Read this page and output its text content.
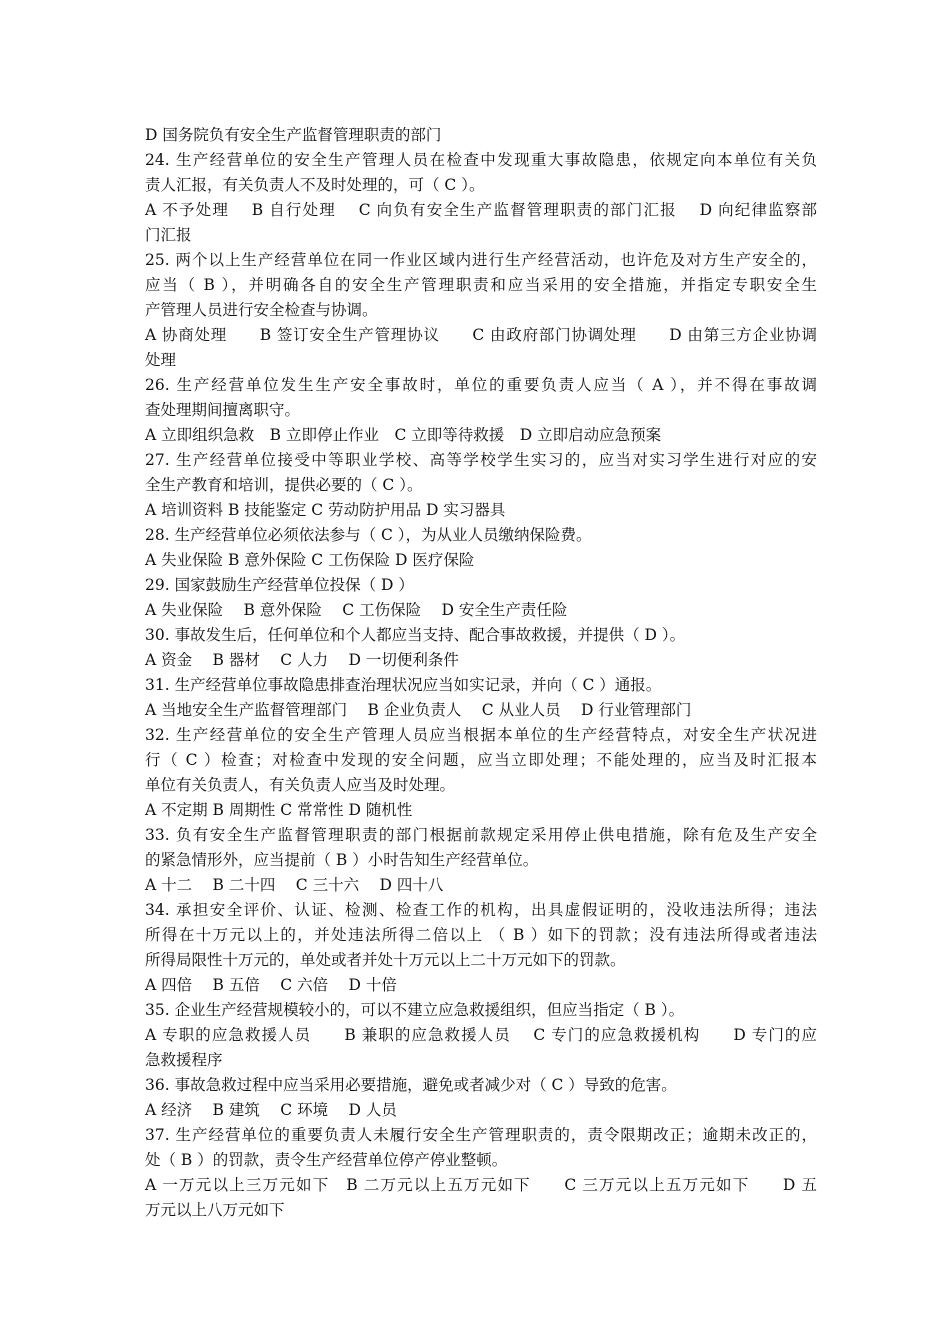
D 国务院负有安全生产监督管理职责的部门
24. 生产经营单位的安全生产管理人员在检查中发现重大事故隐患，依规定向本单位有关负
责人汇报，有关负责人不及时处理的，可（ C ）。
A 不予处理　 B 自行处理　 C 向负有安全生产监督管理职责的部门汇报　 D 向纪律监察部
门汇报
25. 两个以上生产经营单位在同一作业区域内进行生产经营活动，也许危及对方生产安全的，
应当（ B ），并明确各自的安全生产管理职责和应当采用的安全措施，并指定专职安全生
产管理人员进行安全检查与协调。
A 协商处理　　B 签订安全生产管理协议　　C 由政府部门协调处理　　D 由第三方企业协调
处理
26. 生产经营单位发生生产安全事故时，单位的重要负责人应当（ A ），并不得在事故调
查处理期间擅离职守。
A 立即组织急救　B 立即停止作业　C 立即等待救援　D 立即启动应急预案
27. 生产经营单位接受中等职业学校、高等学校学生实习的，应当对实习学生进行对应的安
全生产教育和培训，提供必要的（ C ）。
A 培训资料 B 技能鉴定 C 劳动防护用品 D 实习器具
28. 生产经营单位必须依法参与（ C ），为从业人员缴纳保险费。
A 失业保险 B 意外保险 C 工伤保险 D 医疗保险
29. 国家鼓励生产经营单位投保（ D ）
A 失业保险　 B 意外保险　 C 工伤保险　 D 安全生产责任险
30. 事故发生后，任何单位和个人都应当支持、配合事故救援，并提供（ D ）。
A 资金　 B 器材　 C 人力　 D 一切便利条件
31. 生产经营单位事故隐患排查治理状况应当如实记录，并向（ C ）通报。
A 当地安全生产监督管理部门　 B 企业负责人　 C 从业人员　 D 行业管理部门
32. 生产经营单位的安全生产管理人员应当根据本单位的生产经营特点，对安全生产状况进
行（ C ）检查；对检查中发现的安全问题，应当立即处理；不能处理的，应当及时汇报本
单位有关负责人，有关负责人应当及时处理。
A 不定期 B 周期性 C 常常性 D 随机性
33. 负有安全生产监督管理职责的部门根据前款规定采用停止供电措施，除有危及生产安全
的紧急情形外，应当提前（ B ）小时告知生产经营单位。
A 十二　 B 二十四　 C 三十六　 D 四十八
34. 承担安全评价、认证、检测、检查工作的机构，出具虚假证明的，没收违法所得；违法
所得在十万元以上的，并处违法所得二倍以上 （ B ）如下的罚款；没有违法所得或者违法
所得局限性十万元的，单处或者并处十万元以上二十万元如下的罚款。
A 四倍　 B 五倍　 C 六倍　 D 十倍
35. 企业生产经营规模较小的，可以不建立应急救援组织，但应当指定（ B ）。
A 专职的应急救援人员　　B 兼职的应急救援人员　 C 专门的应急救援机构　　D 专门的应
急救援程序
36. 事故急救过程中应当采用必要措施，避免或者减少对（ C ）导致的危害。
A 经济　 B 建筑　 C 环境　 D 人员
37. 生产经营单位的重要负责人未履行安全生产管理职责的，责令限期改正；逾期未改正的，
处（ B ）的罚款，责令生产经营单位停产停业整顿。
A 一万元以上三万元如下　B 二万元以上五万元如下　　C 三万元以上五万元如下　　D 五
万元以上八万元如下
